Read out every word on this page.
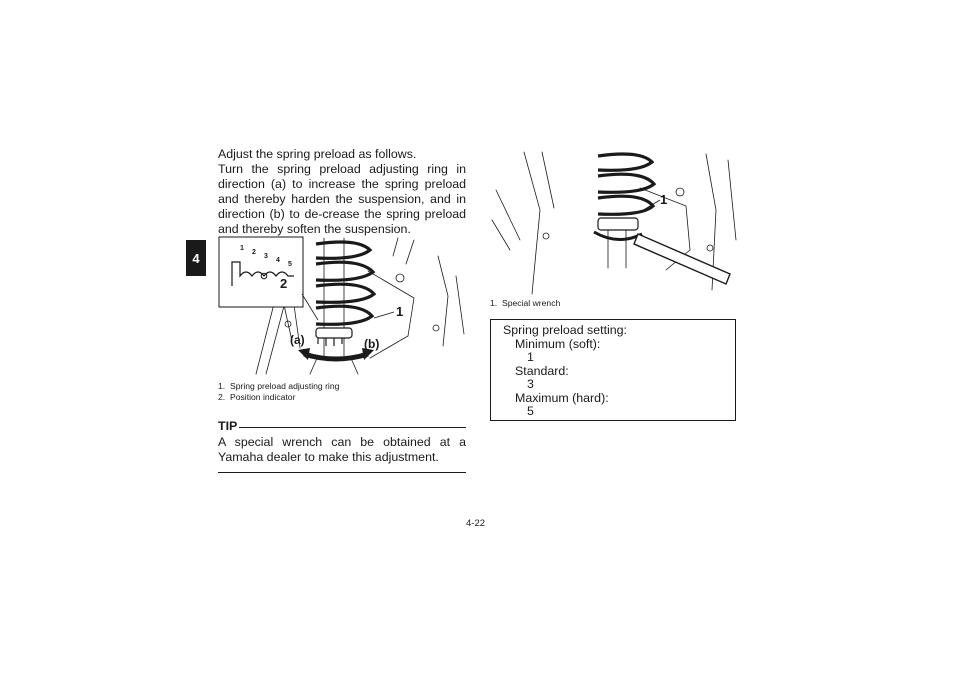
4

Adjust the spring preload as follows.

Turn the spring preload adjusting ring in direction (a) to increase the spring preload and thereby harden the suspension, and in direction (b) to de-crease the spring preload and thereby soften the suspension.

1
(a)	(b)
1
2
3
4
5
2
1. Spring preload adjusting ring
2. Position indicator
TIP
A special wrench can be obtained at a Yamaha dealer to make this adjustment.
1
1. Special wrench
Spring preload setting:
Minimum (soft):
1
Standard:
3
Maximum (hard):
5
4-22
